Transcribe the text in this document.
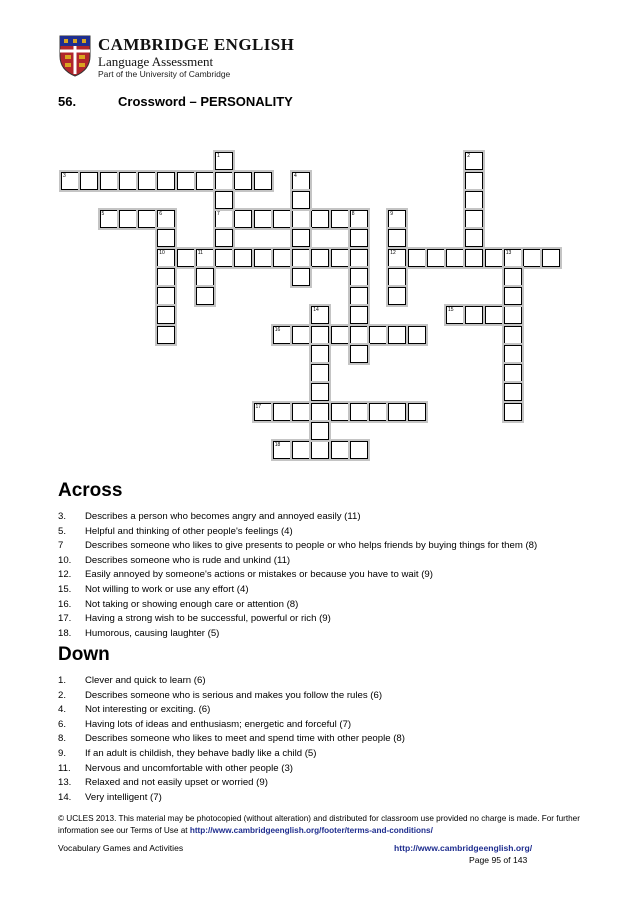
CAMBRIDGE ENGLISH
Language Assessment
Part of the University of Cambridge
56.	Crossword – PERSONALITY
3
5	6	7	8
10	11	12	13
15
16
17
18
1	2
4
9
14
Across
3. Describes a person who becomes angry and annoyed easily (11)
5. Helpful and thinking of other people's feelings (4)
7 Describes someone who likes to give presents to people or who helps friends by buying things for them (8)
10. Describes someone who is rude and unkind (11)
12. Easily annoyed by someone's actions or mistakes or because you have to wait (9)
15. Not willing to work or use any effort (4)
16. Not taking or showing enough care or attention (8)
17. Having a strong wish to be successful, powerful or rich (9)
18. Humorous, causing laughter (5)
Down
1. Clever and quick to learn (6)
2. Describes someone who is serious and makes you follow the rules (6)
4. Not interesting or exciting. (6)
6. Having lots of ideas and enthusiasm; energetic and forceful (7)
8. Describes someone who likes to meet and spend time with other people (8)
9. If an adult is childish, they behave badly like a child (5)
11. Nervous and uncomfortable with other people (3)
13. Relaxed and not easily upset or worried (9)
14. Very intelligent (7)
© UCLES 2013. This material may be photocopied (without alteration) and distributed for classroom use provided no charge is made. For further information see our Terms of Use at http://www.cambridgeenglish.org/footer/terms-and-conditions/
Vocabulary Games and Activities	http://www.cambridgeenglish.org/
Page 95 of 143
